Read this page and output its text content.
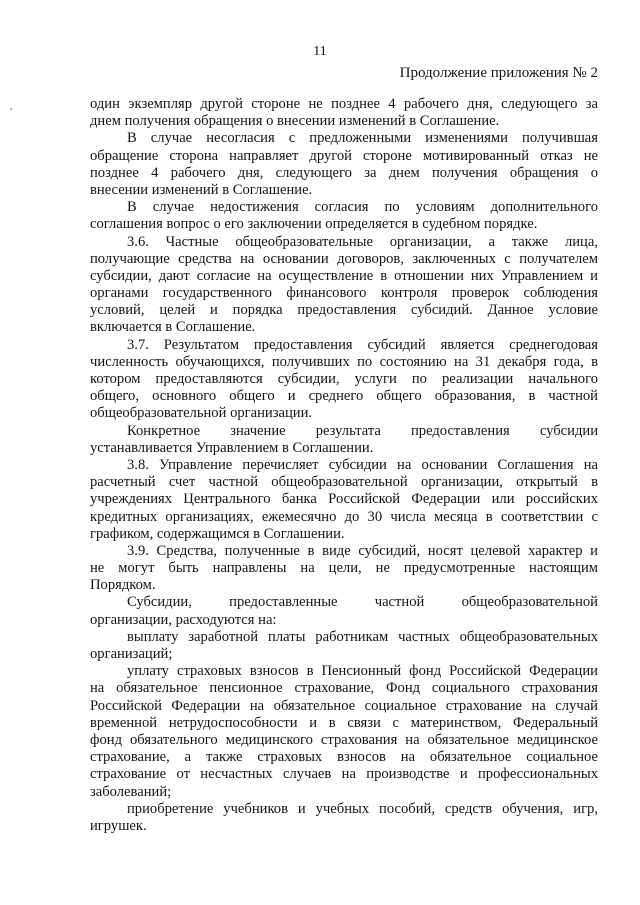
11
Продолжение приложения № 2
один экземпляр другой стороне не позднее 4 рабочего дня, следующего за
днем получения обращения о внесении изменений в Соглашение.
В случае несогласия с предложенными изменениями получившая
обращение сторона направляет другой стороне мотивированный отказ не
позднее 4 рабочего дня, следующего за днем получения обращения о
внесении изменений в Соглашение.
В случае недостижения согласия по условиям дополнительного
соглашения вопрос о его заключении определяется в судебном порядке.
3.6. Частные общеобразовательные организации, а также лица,
получающие средства на основании договоров, заключенных с получателем
субсидии, дают согласие на осуществление в отношении них Управлением и
органами государственного финансового контроля проверок соблюдения
условий, целей и порядка предоставления субсидий. Данное условие
включается в Соглашение.
3.7. Результатом предоставления субсидий является среднегодовая
численность обучающихся, получивших по состоянию на 31 декабря года, в
котором предоставляются субсидии, услуги по реализации начального
общего, основного общего и среднего общего образования, в частной
общеобразовательной организации.
Конкретное значение результата предоставления субсидии
устанавливается Управлением в Соглашении.
3.8. Управление перечисляет субсидии на основании Соглашения на
расчетный счет частной общеобразовательной организации, открытый в
учреждениях Центрального банка Российской Федерации или российских
кредитных организациях, ежемесячно до 30 числа месяца в соответствии с
графиком, содержащимся в Соглашении.
3.9. Средства, полученные в виде субсидий, носят целевой характер и
не могут быть направлены на цели, не предусмотренные настоящим
Порядком.
Субсидии, предоставленные частной общеобразовательной
организации, расходуются на:
выплату заработной платы работникам частных общеобразовательных
организаций;
уплату страховых взносов в Пенсионный фонд Российской Федерации
на обязательное пенсионное страхование, Фонд социального страхования
Российской Федерации на обязательное социальное страхование на случай
временной нетрудоспособности и в связи с материнством, Федеральный
фонд обязательного медицинского страхования на обязательное медицинское
страхование, а также страховых взносов на обязательное социальное
страхование от несчастных случаев на производстве и профессиональных
заболеваний;
приобретение учебников и учебных пособий, средств обучения, игр,
игрушек.
